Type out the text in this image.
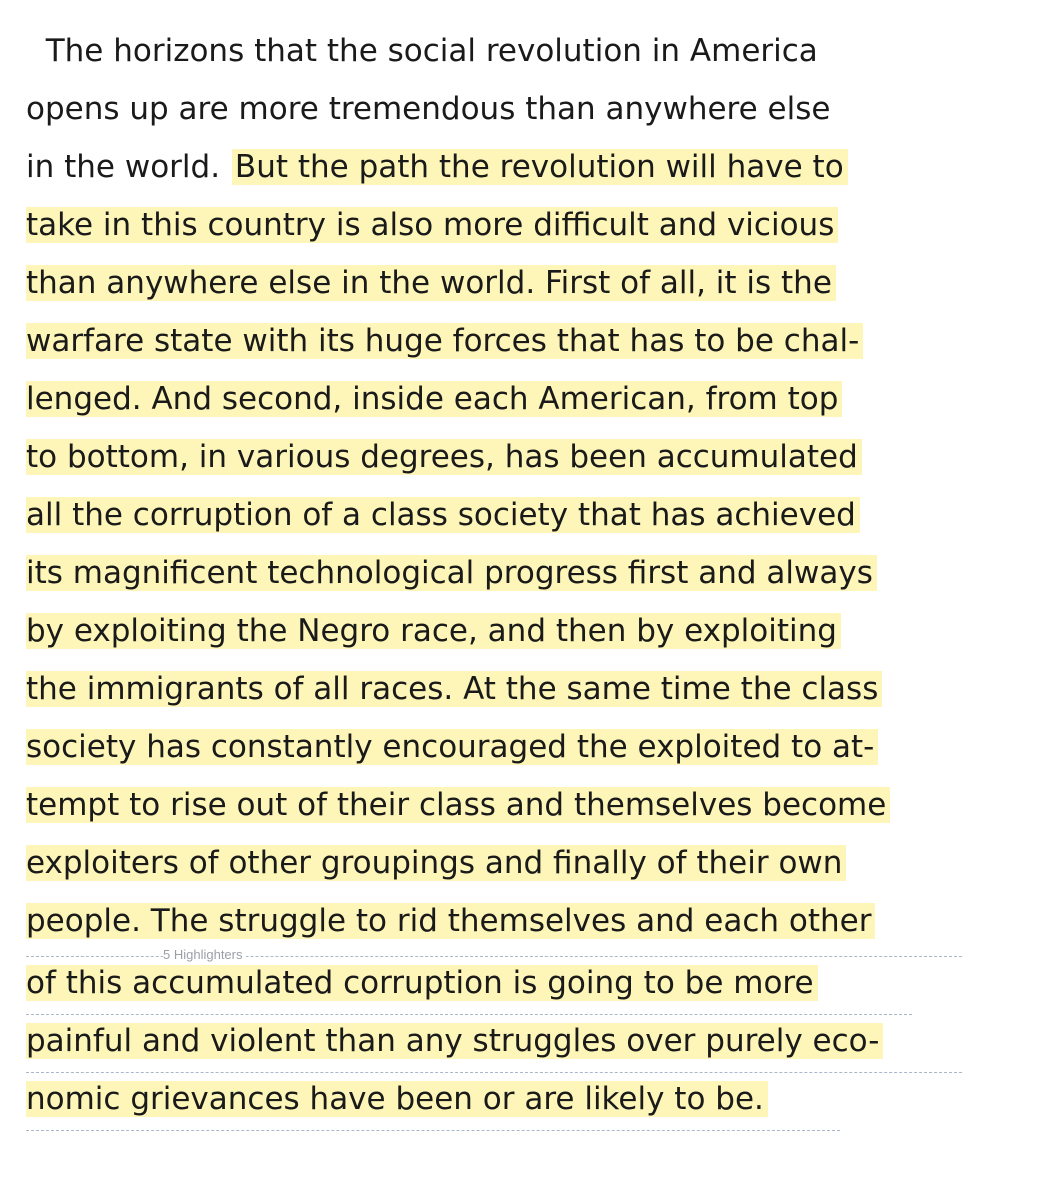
The horizons that the social revolution in America
opens up are more tremendous than anywhere else
in the world. But the path the revolution will have to
take in this country is also more difficult and vicious
than anywhere else in the world. First of all, it is the
warfare state with its huge forces that has to be chal-
lenged. And second, inside each American, from top
to bottom, in various degrees, has been accumulated
all the corruption of a class society that has achieved
its magnificent technological progress first and always
by exploiting the Negro race, and then by exploiting
the immigrants of all races. At the same time the class
society has constantly encouraged the exploited to at-
tempt to rise out of their class and themselves become
exploiters of other groupings and finally of their own
people. The struggle to rid themselves and each other
of this accumulated corruption is going to be more
painful and violent than any struggles over purely eco-
nomic grievances have been or are likely to be.
5 Highlighters
